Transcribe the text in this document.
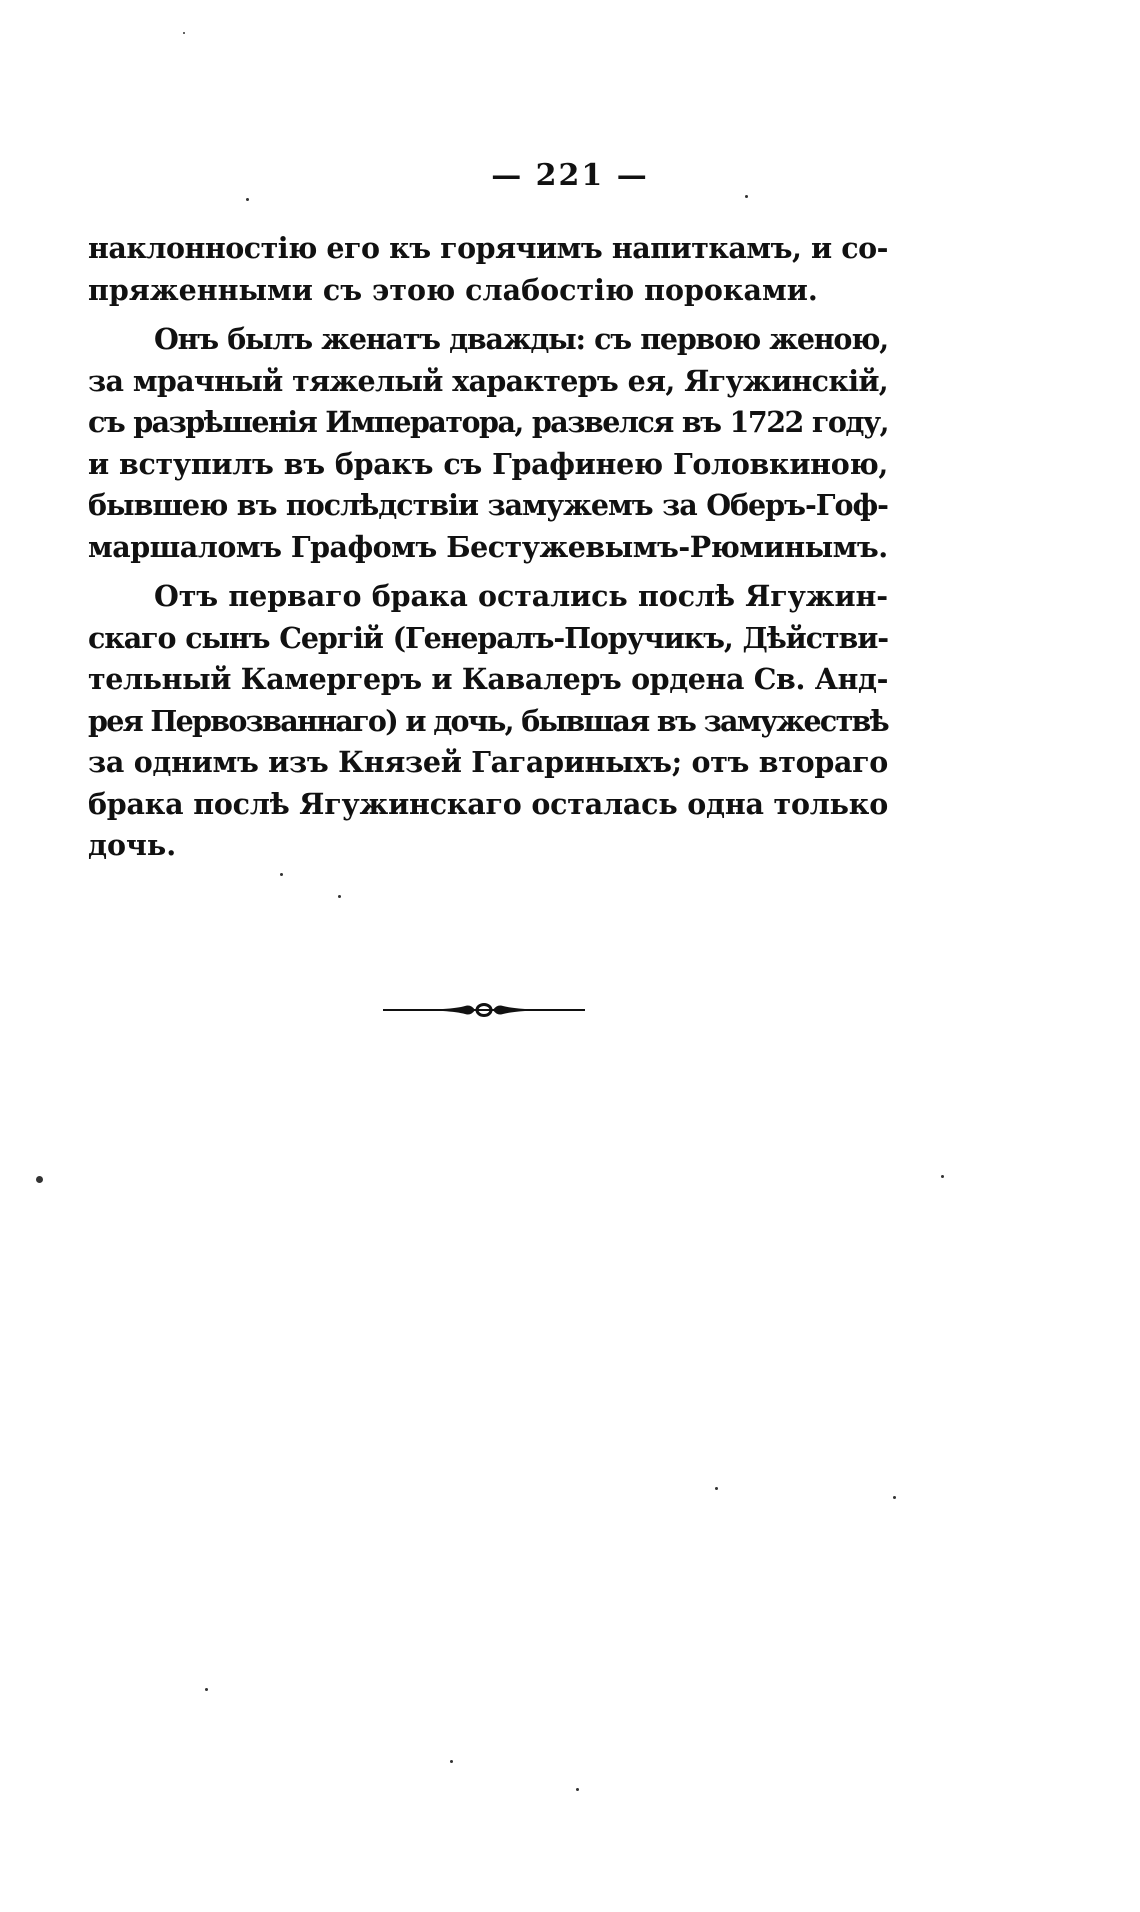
— 221 —
наклонностію его къ горячимъ напиткамъ, и со-
пряженными съ этою слабостію пороками.
Онъ былъ женатъ дважды: съ первою женою,
за мрачный тяжелый характеръ ея, Ягужинскій,
съ разрѣшенія Императора, развелся въ 1722 году,
и вступилъ въ бракъ съ Графинею Головкиною,
бывшею въ послѣдствіи замужемъ за Оберъ-Гоф-
маршаломъ Графомъ Бестужевымъ-Рюминымъ.
Отъ перваго брака остались послѣ Ягужин-
скаго сынъ Сергій (Генералъ-Поручикъ, Дѣйстви-
тельный Камергеръ и Кавалеръ ордена Св. Анд-
рея Первозваннаго) и дочь, бывшая въ замужествѣ
за однимъ изъ Князей Гагариныхъ; отъ втораго
брака послѣ Ягужинскаго осталась одна только
дочь.
